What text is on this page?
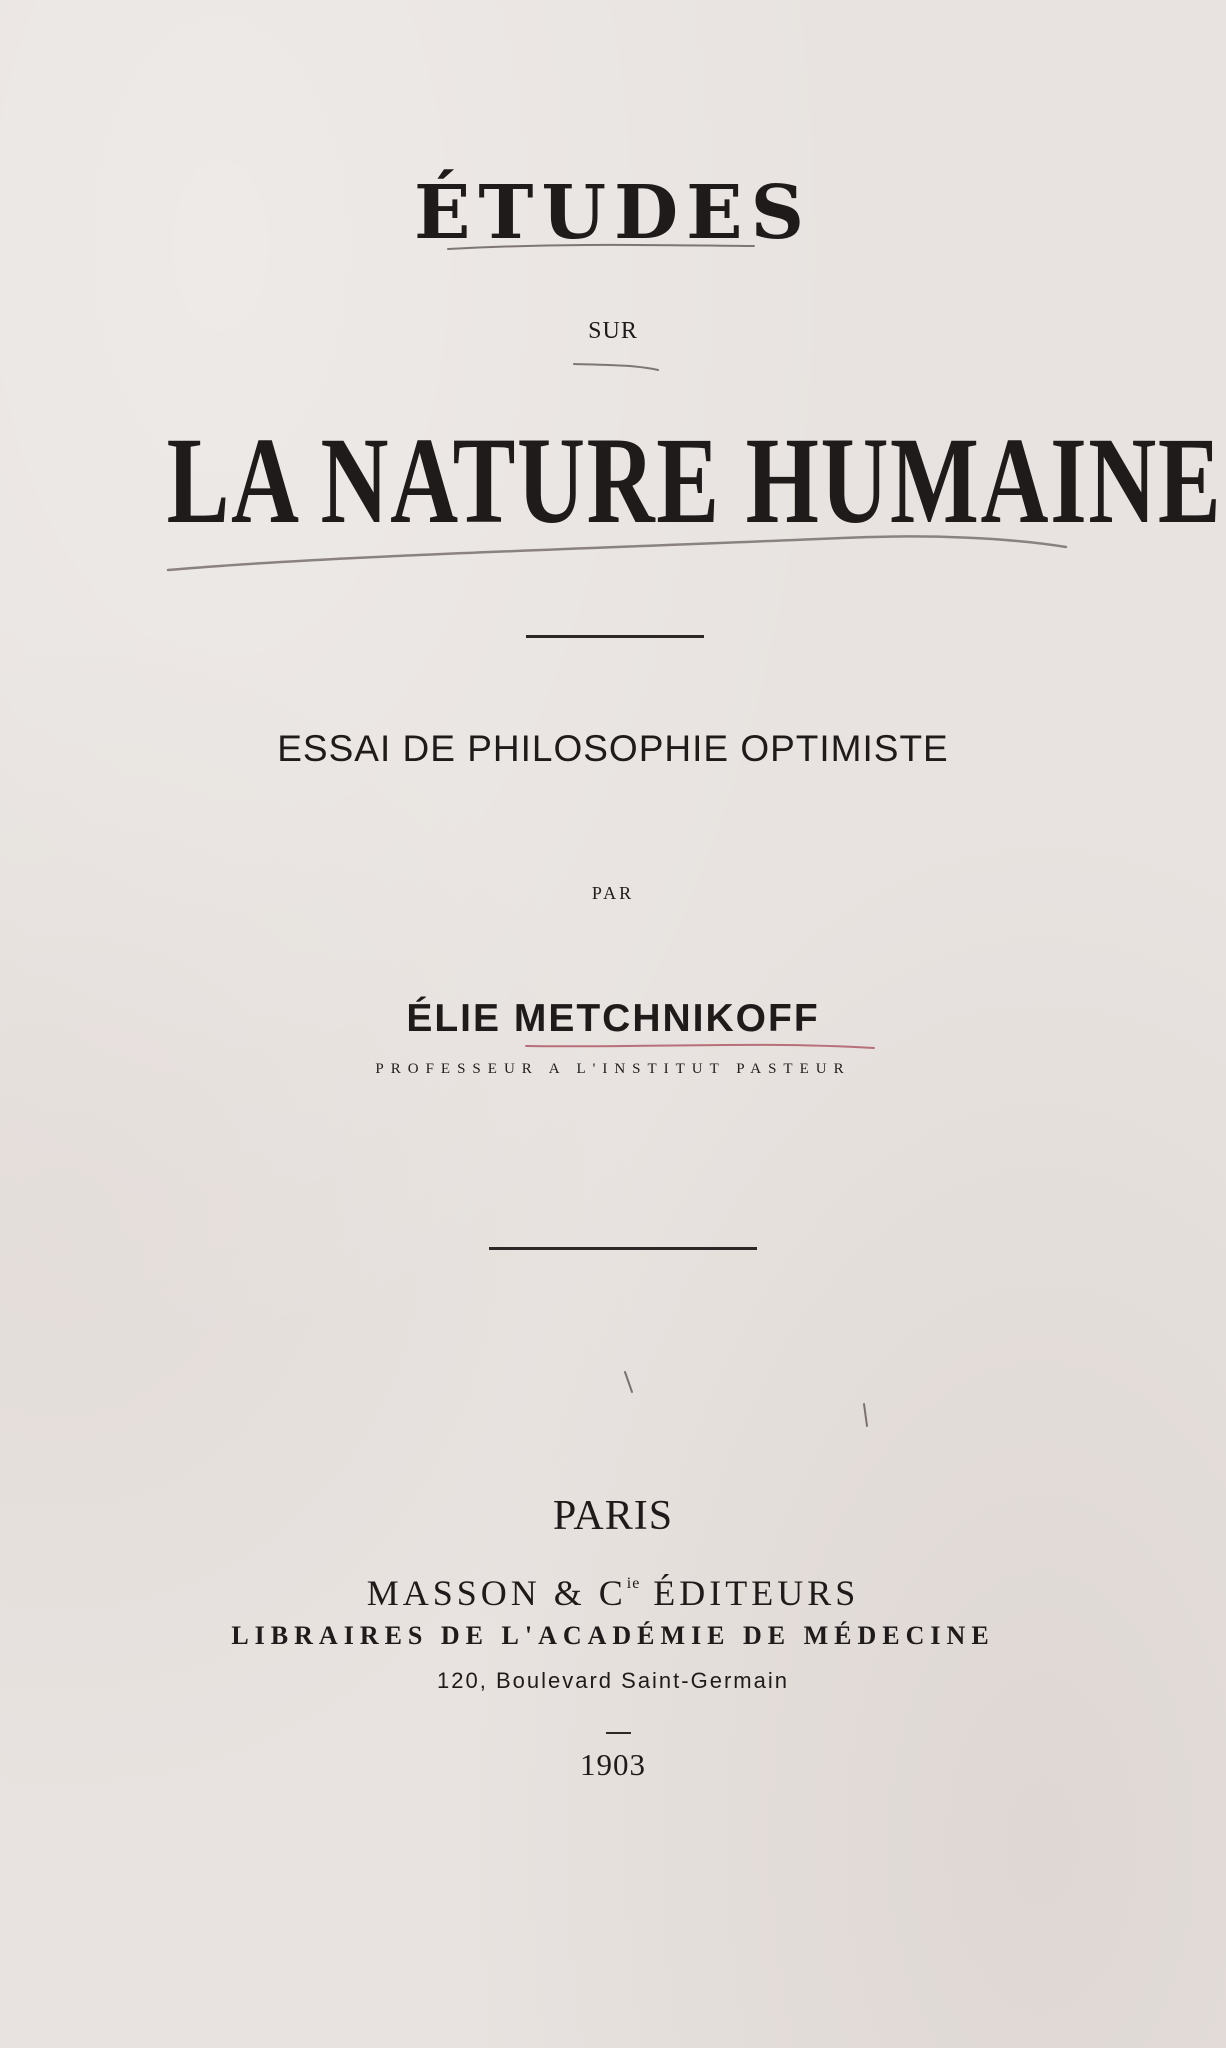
ÉTUDES
SUR
LA NATURE HUMAINE
ESSAI DE PHILOSOPHIE OPTIMISTE
PAR
ÉLIE METCHNIKOFF
PROFESSEUR A L'INSTITUT PASTEUR
PARIS
MASSON & $C^{ie}$ ÉDITEURS
LIBRAIRES DE L'ACADÉMIE DE MÉDECINE
120, Boulevard Saint-Germain
1903
